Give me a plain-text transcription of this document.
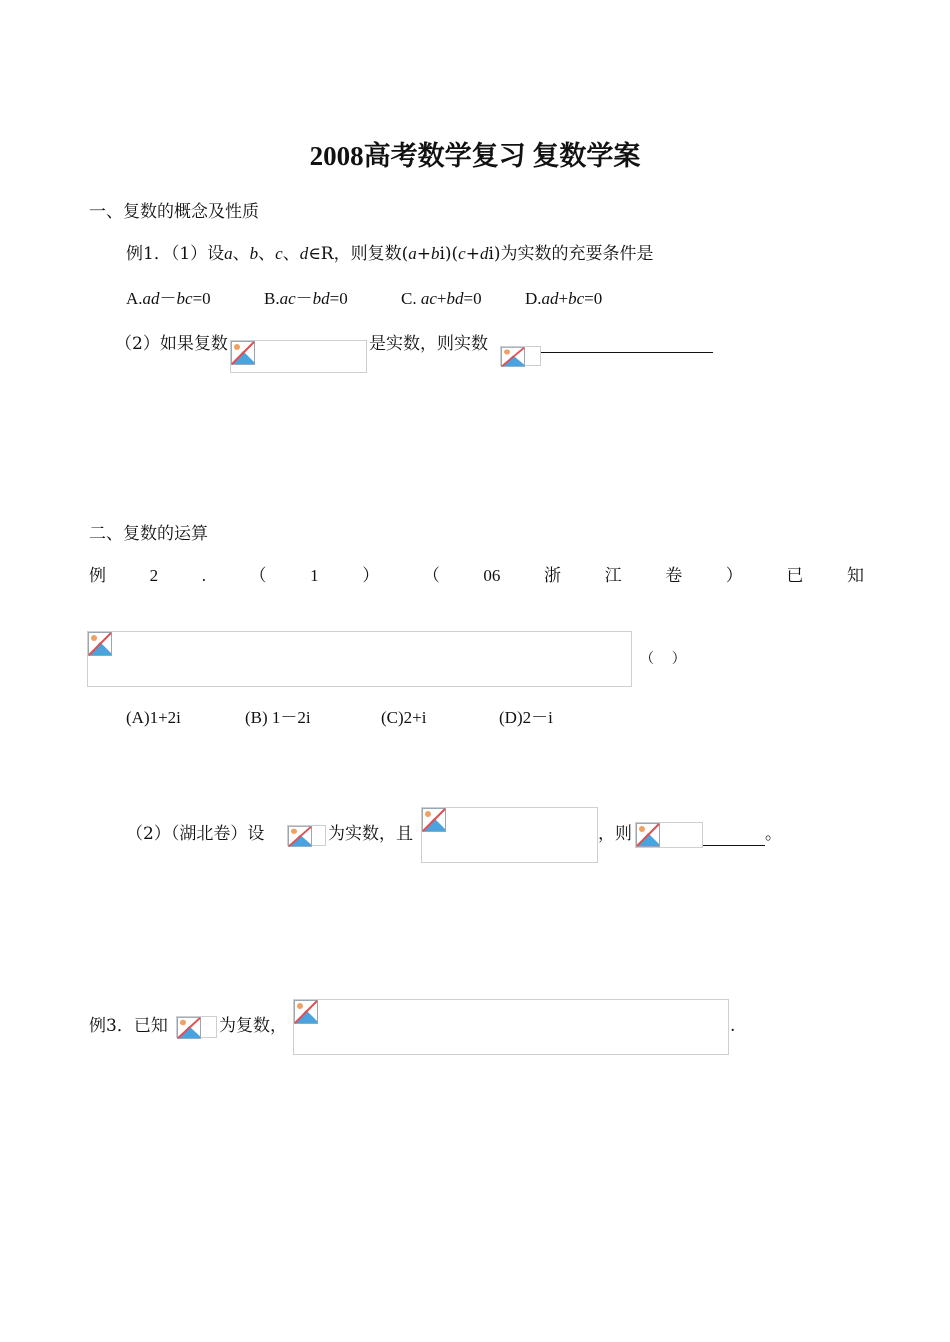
2008高考数学复习 复数学案
一、复数的概念及性质
例1．（1）设a、b、c、d∈R，则复数(a+bi)(c+di)为实数的充要条件是
A.ad－bc=0	B.ac－bd=0	C. ac+bd=0	D.ad+bc=0
（2）如果复数	是实数，则实数
二、复数的运算
例	2	.	（	1	）	（	06	浙	江	卷	）	已	知
（    ）
(A)1+2i	(B) 1－2i	(C)2+i	(D)2－i
（2）（湖北卷）设	为实数，且	，则	。
例3．已知	为复数，	.
